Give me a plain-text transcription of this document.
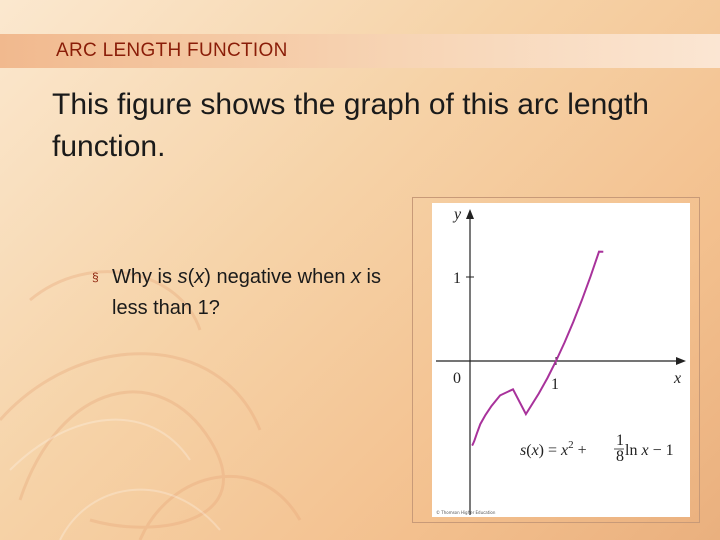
ARC LENGTH FUNCTION
This figure shows the graph of this arc length function.
§ Why is s(x) negative when x is less than 1?
y
x
0
1
1
$s(x) = x^2$ +
1
8 ln x − 1
© Thomson Higher Education
